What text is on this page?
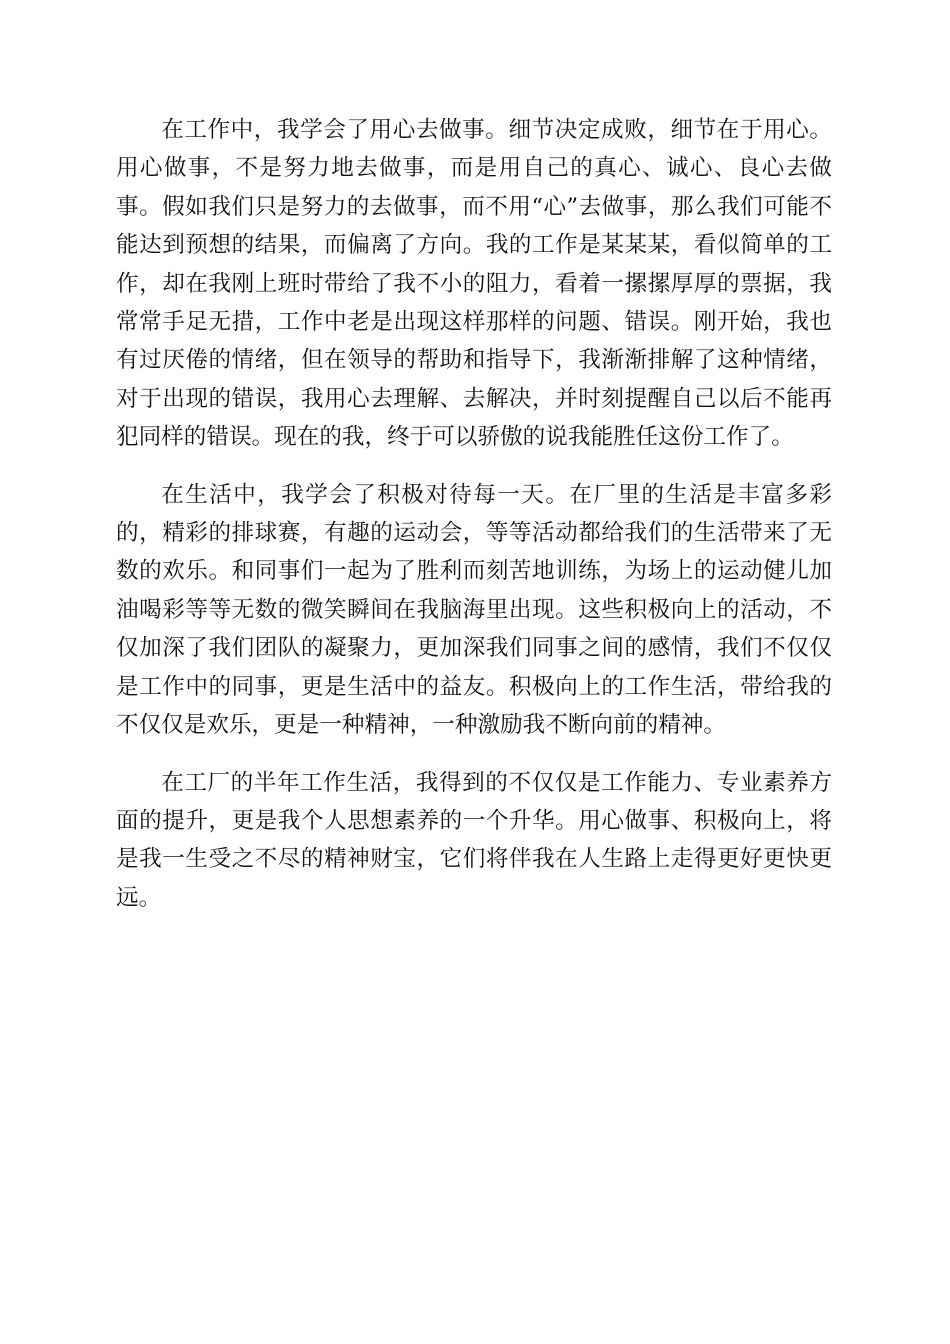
在工作中，我学会了用心去做事。细节决定成败，细节在于用心。用心做事，不是努力地去做事，而是用自己的真心、诚心、良心去做事。假如我们只是努力的去做事，而不用“心”去做事，那么我们可能不能达到预想的结果，而偏离了方向。我的工作是某某某，看似简单的工作，却在我刚上班时带给了我不小的阻力，看着一摞摞厚厚的票据，我常常手足无措，工作中老是出现这样那样的问题、错误。刚开始，我也有过厌倦的情绪，但在领导的帮助和指导下，我渐渐排解了这种情绪，对于出现的错误，我用心去理解、去解决，并时刻提醒自己以后不能再犯同样的错误。现在的我，终于可以骄傲的说我能胜任这份工作了。

在生活中，我学会了积极对待每一天。在厂里的生活是丰富多彩的，精彩的排球赛，有趣的运动会，等等活动都给我们的生活带来了无数的欢乐。和同事们一起为了胜利而刻苦地训练，为场上的运动健儿加油喝彩等等无数的微笑瞬间在我脑海里出现。这些积极向上的活动，不仅加深了我们团队的凝聚力，更加深我们同事之间的感情，我们不仅仅是工作中的同事，更是生活中的益友。积极向上的工作生活，带给我的不仅仅是欢乐，更是一种精神，一种激励我不断向前的精神。

在工厂的半年工作生活，我得到的不仅仅是工作能力、专业素养方面的提升，更是我个人思想素养的一个升华。用心做事、积极向上，将是我一生受之不尽的精神财宝，它们将伴我在人生路上走得更好更快更远。
